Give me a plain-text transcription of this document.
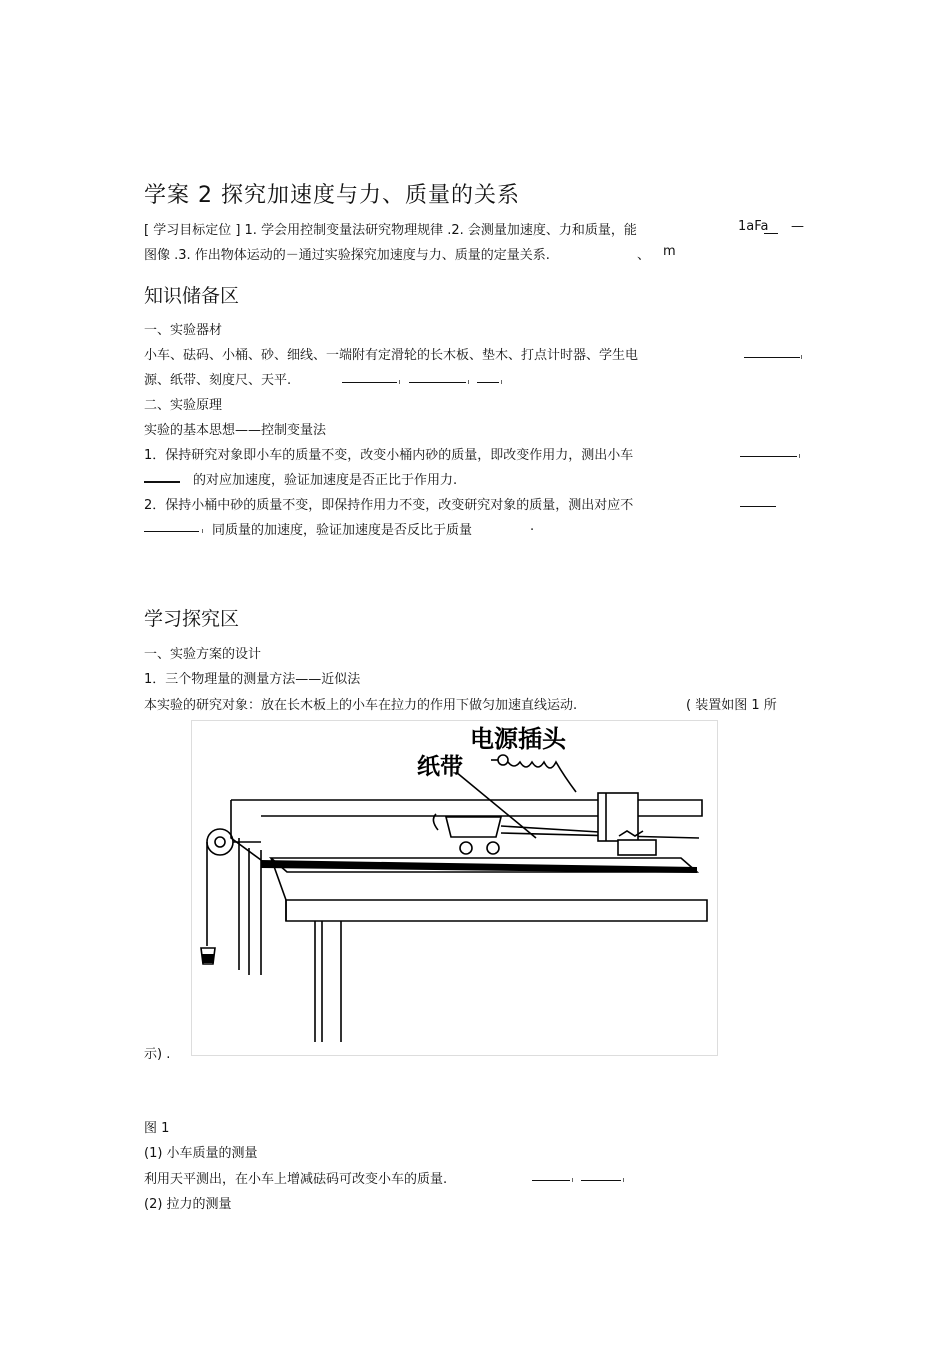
学案 2 探究加速度与力、质量的关系
[ 学习目标定位 ] 1. 学会用控制变量法研究物理规律 .2. 会测量加速度、力和质量，能	1aFa —
图像 .3. 作出物体运动的－通过实验探究加速度与力、质量的定量关系.	、 m
知识储备区
一、实验器材
小车、砝码、小桶、砂、细线、一端附有定滑轮的长木板、垫木、打点计时器、学生电
源、纸带、刻度尺、天平.
二、实验原理
实验的基本思想——控制变量法
1．保持研究对象即小车的质量不变，改变小桶内砂的质量，即改变作用力，测出小车
的对应加速度，验证加速度是否正比于作用力.
2．保持小桶中砂的质量不变，即保持作用力不变，改变研究对象的质量，测出对应不
同质量的加速度，验证加速度是否反比于质量	.
学习探究区
一、实验方案的设计
1．三个物理量的测量方法——近似法
本实验的研究对象：放在长木板上的小车在拉力的作用下做匀加速直线运动.	( 装置如图 1 所
电源插头
纸带
示) .
图 1
(1) 小车质量的测量
利用天平测出，在小车上增减砝码可改变小车的质量.
(2) 拉力的测量
